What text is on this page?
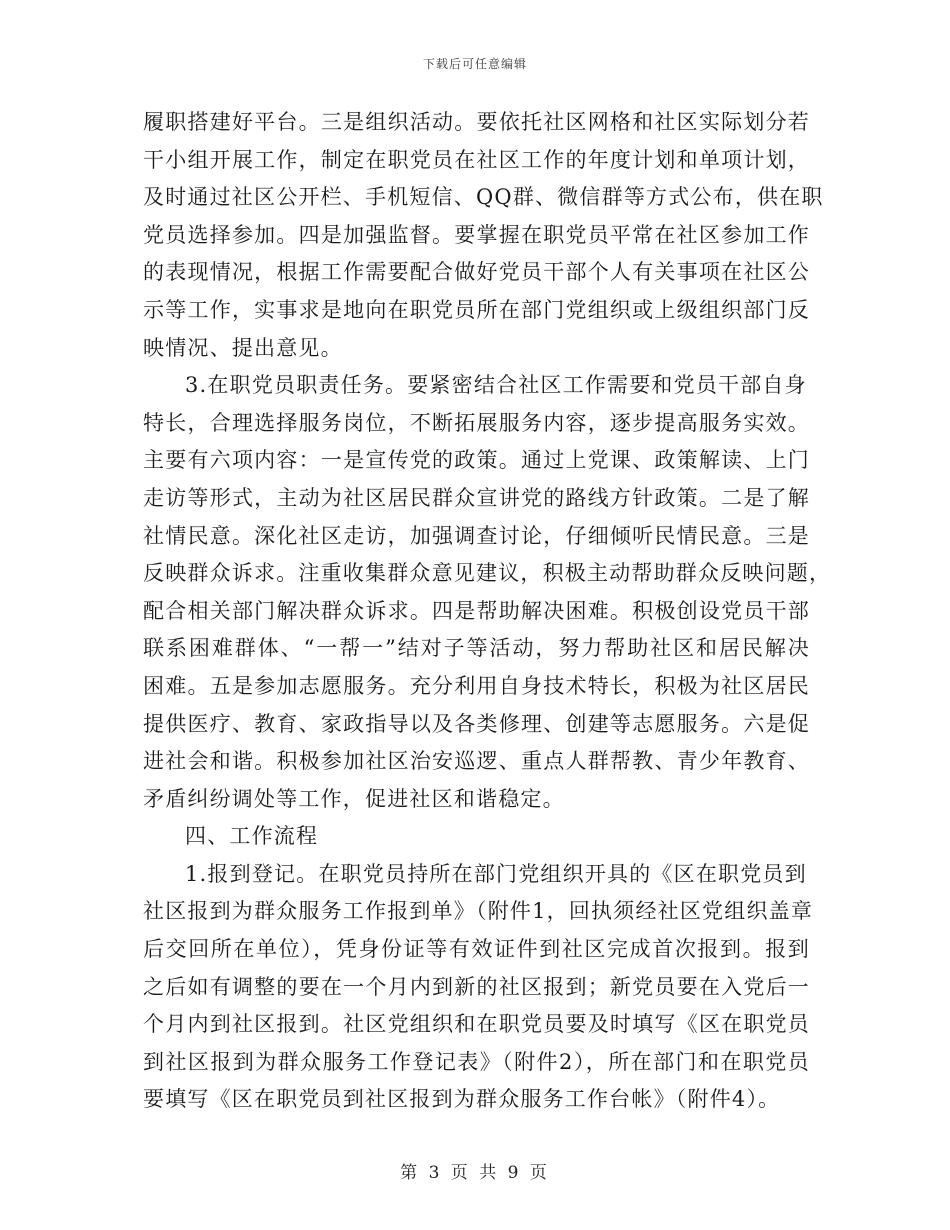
下载后可任意编辑
履职搭建好平台。三是组织活动。要依托社区网格和社区实际划分若
干小组开展工作，制定在职党员在社区工作的年度计划和单项计划，
及时通过社区公开栏、手机短信、QQ群、微信群等方式公布，供在职
党员选择参加。四是加强监督。要掌握在职党员平常在社区参加工作
的表现情况，根据工作需要配合做好党员干部个人有关事项在社区公
示等工作，实事求是地向在职党员所在部门党组织或上级组织部门反
映情况、提出意见。
3.在职党员职责任务。要紧密结合社区工作需要和党员干部自身
特长，合理选择服务岗位，不断拓展服务内容，逐步提高服务实效。
主要有六项内容：一是宣传党的政策。通过上党课、政策解读、上门
走访等形式，主动为社区居民群众宣讲党的路线方针政策。二是了解
社情民意。深化社区走访，加强调查讨论，仔细倾听民情民意。三是
反映群众诉求。注重收集群众意见建议，积极主动帮助群众反映问题，
配合相关部门解决群众诉求。四是帮助解决困难。积极创设党员干部
联系困难群体、“一帮一”结对子等活动，努力帮助社区和居民解决
困难。五是参加志愿服务。充分利用自身技术特长，积极为社区居民
提供医疗、教育、家政指导以及各类修理、创建等志愿服务。六是促
进社会和谐。积极参加社区治安巡逻、重点人群帮教、青少年教育、
矛盾纠纷调处等工作，促进社区和谐稳定。
四、工作流程
1.报到登记。在职党员持所在部门党组织开具的《区在职党员到
社区报到为群众服务工作报到单》（附件1，回执须经社区党组织盖章
后交回所在单位），凭身份证等有效证件到社区完成首次报到。报到
之后如有调整的要在一个月内到新的社区报到；新党员要在入党后一
个月内到社区报到。社区党组织和在职党员要及时填写《区在职党员
到社区报到为群众服务工作登记表》（附件2），所在部门和在职党员
要填写《区在职党员到社区报到为群众服务工作台帐》（附件4）。
第 3 页 共 9 页
